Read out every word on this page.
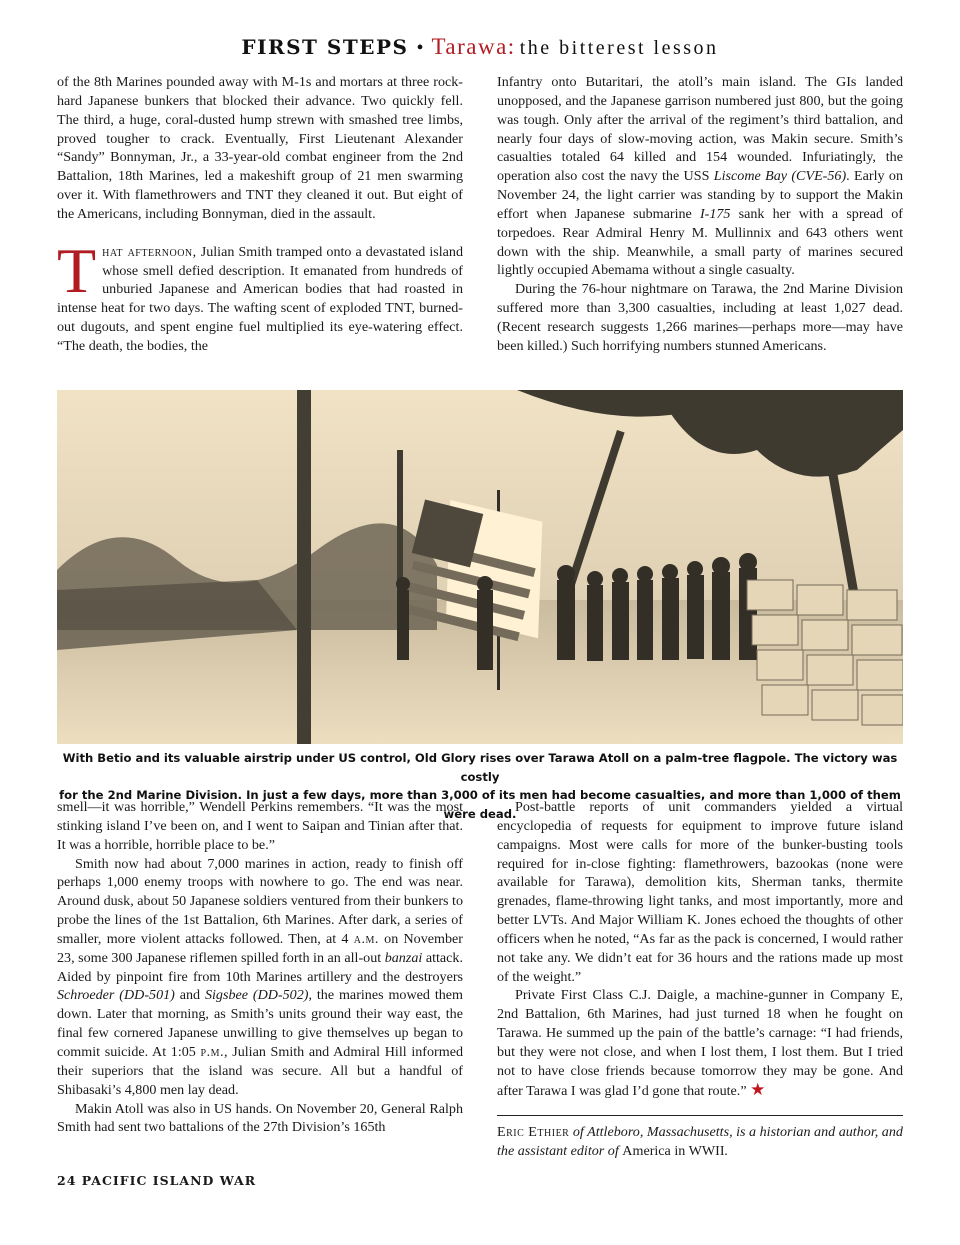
FIRST STEPS • Tarawa: the bitterest lesson

of the 8th Marines pounded away with M-1s and mortars at three rock-hard Japanese bunkers that blocked their advance. Two quickly fell. The third, a huge, coral-dusted hump strewn with smashed tree limbs, proved tougher to crack. Eventually, First Lieutenant Alexander “Sandy” Bonnyman, Jr., a 33-year-old combat engineer from the 2nd Battalion, 18th Marines, led a makeshift group of 21 men swarming over it. With flamethrowers and TNT they cleaned it out. But eight of the Americans, including Bonnyman, died in the assault.

That afternoon, Julian Smith tramped onto a devastated island whose smell defied description. It emanated from hundreds of unburied Japanese and American bodies that had roasted in intense heat for two days. The wafting scent of exploded TNT, burned-out dugouts, and spent engine fuel multiplied its eye-watering effect. “The death, the bodies, the

Infantry onto Butaritari, the atoll’s main island. The GIs landed unopposed, and the Japanese garrison numbered just 800, but the going was tough. Only after the arrival of the regiment’s third battalion, and nearly four days of slow-moving action, was Makin secure. Smith’s casualties totaled 64 killed and 154 wounded. Infuriatingly, the operation also cost the navy the USS Liscome Bay (CVE-56). Early on November 24, the light carrier was standing by to support the Makin effort when Japanese submarine I-175 sank her with a spread of torpedoes. Rear Admiral Henry M. Mullinnix and 643 others went down with the ship. Meanwhile, a small party of marines secured lightly occupied Abemama without a single casualty.

During the 76-hour nightmare on Tarawa, the 2nd Marine Division suffered more than 3,300 casualties, including at least 1,027 dead. (Recent research suggests 1,266 marines—perhaps more—may have been killed.) Such horrifying numbers stunned Americans.

With Betio and its valuable airstrip under US control, Old Glory rises over Tarawa Atoll on a palm-tree flagpole. The victory was costly
for the 2nd Marine Division. In just a few days, more than 3,000 of its men had become casualties, and more than 1,000 of them were dead.

smell—it was horrible,” Wendell Perkins remembers. “It was the most stinking island I’ve been on, and I went to Saipan and Tinian after that. It was a horrible, horrible place to be.”

Smith now had about 7,000 marines in action, ready to finish off perhaps 1,000 enemy troops with nowhere to go. The end was near. Around dusk, about 50 Japanese soldiers ventured from their bunkers to probe the lines of the 1st Battalion, 6th Marines. After dark, a series of smaller, more violent attacks followed. Then, at 4 a.m. on November 23, some 300 Japanese riflemen spilled forth in an all-out banzai attack. Aided by pinpoint fire from 10th Marines artillery and the destroyers Schroeder (DD-501) and Sigsbee (DD-502), the marines mowed them down. Later that morning, as Smith’s units ground their way east, the final few cornered Japanese unwilling to give themselves up began to commit suicide. At 1:05 p.m., Julian Smith and Admiral Hill informed their superiors that the island was secure. All but a handful of Shibasaki’s 4,800 men lay dead.

Makin Atoll was also in US hands. On November 20, General Ralph Smith had sent two battalions of the 27th Division’s 165th

Post-battle reports of unit commanders yielded a virtual encyclopedia of requests for equipment to improve future island campaigns. Most were calls for more of the bunker-busting tools required for in-close fighting: flamethrowers, bazookas (none were available for Tarawa), demolition kits, Sherman tanks, thermite grenades, flame-throwing light tanks, and most importantly, more and better LVTs. And Major William K. Jones echoed the thoughts of other officers when he noted, “As far as the pack is concerned, I would rather not take any. We didn’t eat for 36 hours and the rations made up most of the weight.”

Private First Class C.J. Daigle, a machine-gunner in Company E, 2nd Battalion, 6th Marines, had just turned 18 when he fought on Tarawa. He summed up the pain of the battle’s carnage: “I had friends, but they were not close, and when I lost them, I lost them. But I tried not to have close friends because tomorrow they may be gone. And after Tarawa I was glad I’d gone that route.” ★

Eric Ethier of Attleboro, Massachusetts, is a historian and author, and the assistant editor of America in WWII.
24 PACIFIC ISLAND WAR
